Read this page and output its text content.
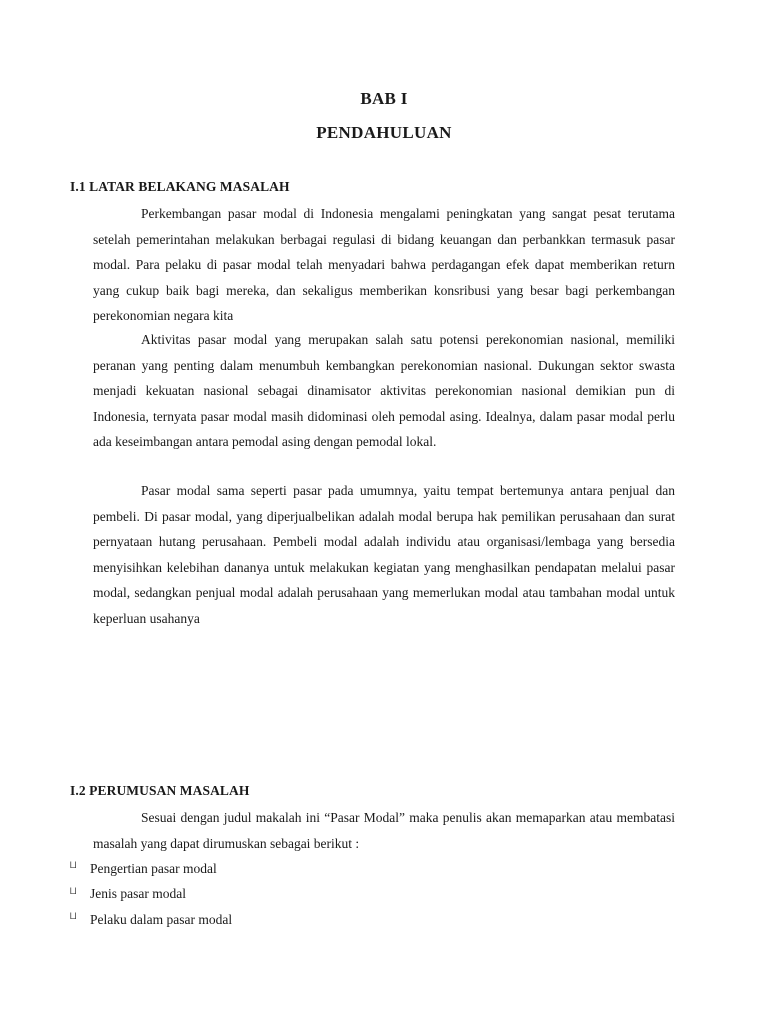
BAB I
PENDAHULUAN
I.1 LATAR BELAKANG MASALAH

Perkembangan pasar modal di Indonesia mengalami peningkatan yang sangat pesat terutama setelah pemerintahan melakukan berbagai regulasi di bidang keuangan dan perbankkan termasuk pasar modal. Para pelaku di pasar modal telah menyadari bahwa perdagangan efek dapat memberikan return yang cukup baik bagi mereka, dan sekaligus memberikan konsribusi yang besar bagi perkembangan perekonomian negara kita

Aktivitas pasar modal yang merupakan salah satu potensi perekonomian nasional, memiliki peranan yang penting dalam menumbuh kembangkan perekonomian nasional. Dukungan sektor swasta menjadi kekuatan nasional sebagai dinamisator aktivitas perekonomian nasional demikian pun di Indonesia, ternyata pasar modal masih didominasi oleh pemodal asing. Idealnya, dalam pasar modal perlu ada keseimbangan antara pemodal asing dengan pemodal lokal.

Pasar modal sama seperti pasar pada umumnya, yaitu tempat bertemunya antara penjual dan pembeli. Di pasar modal, yang diperjualbelikan adalah modal berupa hak pemilikan perusahaan dan surat pernyataan hutang perusahaan. Pembeli modal adalah individu atau organisasi/lembaga yang bersedia menyisihkan kelebihan dananya untuk melakukan kegiatan yang menghasilkan pendapatan melalui pasar modal, sedangkan penjual modal adalah perusahaan yang memerlukan modal atau tambahan modal untuk keperluan usahanya

I.2 PERUMUSAN MASALAH

Sesuai dengan judul makalah ini “Pasar Modal” maka penulis akan memaparkan atau membatasi masalah yang dapat dirumuskan sebagai berikut :

⨆	Pengertian pasar modal
⨆	Jenis pasar modal
⨆	Pelaku dalam pasar modal
